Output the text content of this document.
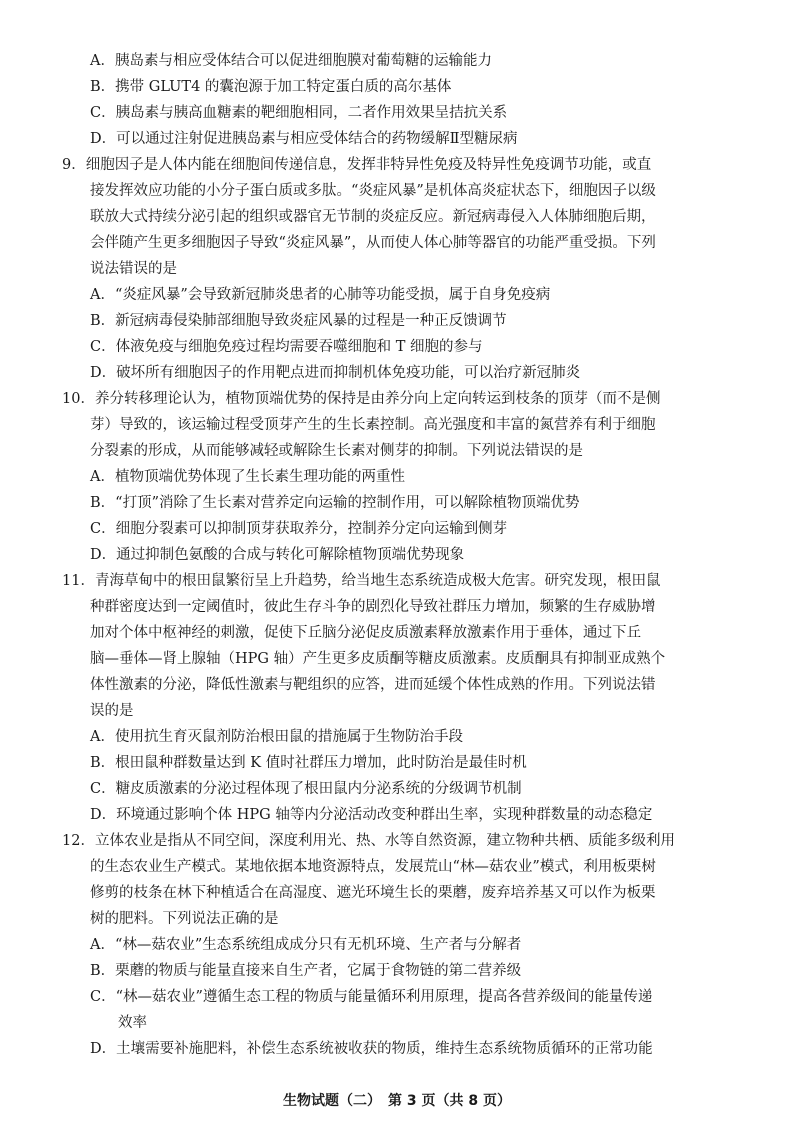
A．胰岛素与相应受体结合可以促进细胞膜对葡萄糖的运输能力
B．携带 GLUT4 的囊泡源于加工特定蛋白质的高尔基体
C．胰岛素与胰高血糖素的靶细胞相同，二者作用效果呈拮抗关系
D．可以通过注射促进胰岛素与相应受体结合的药物缓解Ⅱ型糖尿病
9．细胞因子是人体内能在细胞间传递信息，发挥非特异性免疫及特异性免疫调节功能，或直
接发挥效应功能的小分子蛋白质或多肽。“炎症风暴”是机体高炎症状态下，细胞因子以级
联放大式持续分泌引起的组织或器官无节制的炎症反应。新冠病毒侵入人体肺细胞后期，
会伴随产生更多细胞因子导致“炎症风暴”，从而使人体心肺等器官的功能严重受损。下列
说法错误的是
A．“炎症风暴”会导致新冠肺炎患者的心肺等功能受损，属于自身免疫病
B．新冠病毒侵染肺部细胞导致炎症风暴的过程是一种正反馈调节
C．体液免疫与细胞免疫过程均需要吞噬细胞和 T 细胞的参与
D．破坏所有细胞因子的作用靶点进而抑制机体免疫功能，可以治疗新冠肺炎
10．养分转移理论认为，植物顶端优势的保持是由养分向上定向转运到枝条的顶芽（而不是侧
芽）导致的，该运输过程受顶芽产生的生长素控制。高光强度和丰富的氮营养有利于细胞
分裂素的形成，从而能够减轻或解除生长素对侧芽的抑制。下列说法错误的是
A．植物顶端优势体现了生长素生理功能的两重性
B．“打顶”消除了生长素对营养定向运输的控制作用，可以解除植物顶端优势
C．细胞分裂素可以抑制顶芽获取养分，控制养分定向运输到侧芽
D．通过抑制色氨酸的合成与转化可解除植物顶端优势现象
11．青海草甸中的根田鼠繁衍呈上升趋势，给当地生态系统造成极大危害。研究发现，根田鼠
种群密度达到一定阈值时，彼此生存斗争的剧烈化导致社群压力增加，频繁的生存威胁增
加对个体中枢神经的刺激，促使下丘脑分泌促皮质激素释放激素作用于垂体，通过下丘
脑—垂体—肾上腺轴（HPG 轴）产生更多皮质酮等糖皮质激素。皮质酮具有抑制亚成熟个
体性激素的分泌，降低性激素与靶组织的应答，进而延缓个体性成熟的作用。下列说法错
误的是
A．使用抗生育灭鼠剂防治根田鼠的措施属于生物防治手段
B．根田鼠种群数量达到 K 值时社群压力增加，此时防治是最佳时机
C．糖皮质激素的分泌过程体现了根田鼠内分泌系统的分级调节机制
D．环境通过影响个体 HPG 轴等内分泌活动改变种群出生率，实现种群数量的动态稳定
12．立体农业是指从不同空间，深度利用光、热、水等自然资源，建立物种共栖、质能多级利用
的生态农业生产模式。某地依据本地资源特点，发展荒山“林—菇农业”模式，利用板栗树
修剪的枝条在林下种植适合在高湿度、遮光环境生长的栗蘑，废弃培养基又可以作为板栗
树的肥料。下列说法正确的是
A．“林—菇农业”生态系统组成成分只有无机环境、生产者与分解者
B．栗蘑的物质与能量直接来自生产者，它属于食物链的第二营养级
C．“林—菇农业”遵循生态工程的物质与能量循环利用原理，提高各营养级间的能量传递
效率
D．土壤需要补施肥料，补偿生态系统被收获的物质，维持生态系统物质循环的正常功能
生物试题（二）　第 3 页（共 8 页）
